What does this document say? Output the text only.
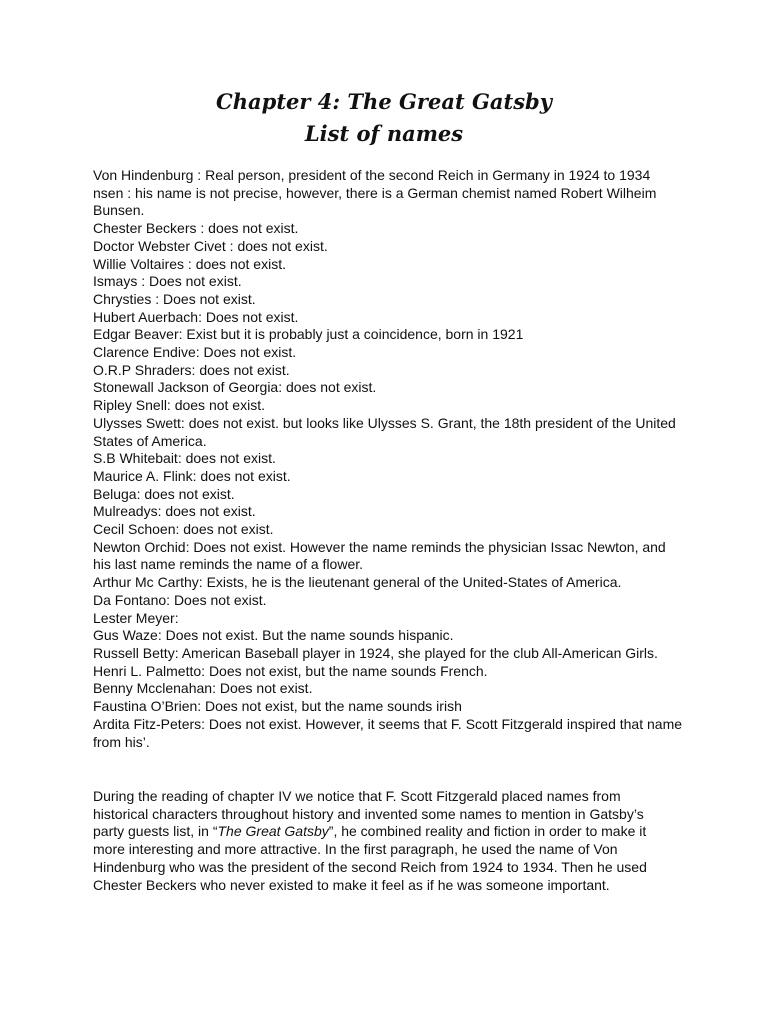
Chapter 4: The Great Gatsby
List of names
Von Hindenburg : Real person, president of the second Reich in Germany in 1924 to 1934
nsen : his name is not precise, however, there is a German chemist named Robert Wilheim Bunsen.
Chester Beckers : does not exist.
Doctor Webster Civet : does not exist.
Willie Voltaires : does not exist.
Ismays : Does not exist.
Chrysties : Does not exist.
Hubert Auerbach: Does not exist.
Edgar Beaver: Exist but it is probably just a coincidence, born in 1921
Clarence Endive: Does not exist.
O.R.P Shraders: does not exist.
Stonewall Jackson of Georgia: does not exist.
Ripley Snell: does not exist.
Ulysses Swett: does not exist. but looks like Ulysses S. Grant, the 18th president of the United States of America.
S.B Whitebait: does not exist.
Maurice A. Flink: does not exist.
Beluga: does not exist.
Mulreadys: does not exist.
Cecil Schoen: does not exist.
Newton Orchid: Does not exist. However the name reminds the physician Issac Newton, and his last name reminds the name of a flower.
Arthur Mc Carthy: Exists, he is the lieutenant general of the United-States of America.
Da Fontano: Does not exist.
Lester Meyer:
Gus Waze: Does not exist. But the name sounds hispanic.
Russell Betty: American Baseball player in 1924, she played for the club All-American Girls.
Henri L. Palmetto: Does not exist, but the name sounds French.
Benny Mcclenahan: Does not exist.
Faustina O’Brien: Does not exist, but the name sounds irish
Ardita Fitz-Peters: Does not exist. However, it seems that F. Scott Fitzgerald inspired that name from his’.
During the reading of chapter IV we notice that F. Scott Fitzgerald placed names from historical characters throughout history and invented some names to mention in Gatsby’s party guests list, in “The Great Gatsby”, he combined reality and fiction in order to make it more interesting and more attractive. In the first paragraph, he used the name of Von Hindenburg who was the president of the second Reich from 1924 to 1934. Then he used Chester Beckers who never existed to make it feel as if he was someone important.
